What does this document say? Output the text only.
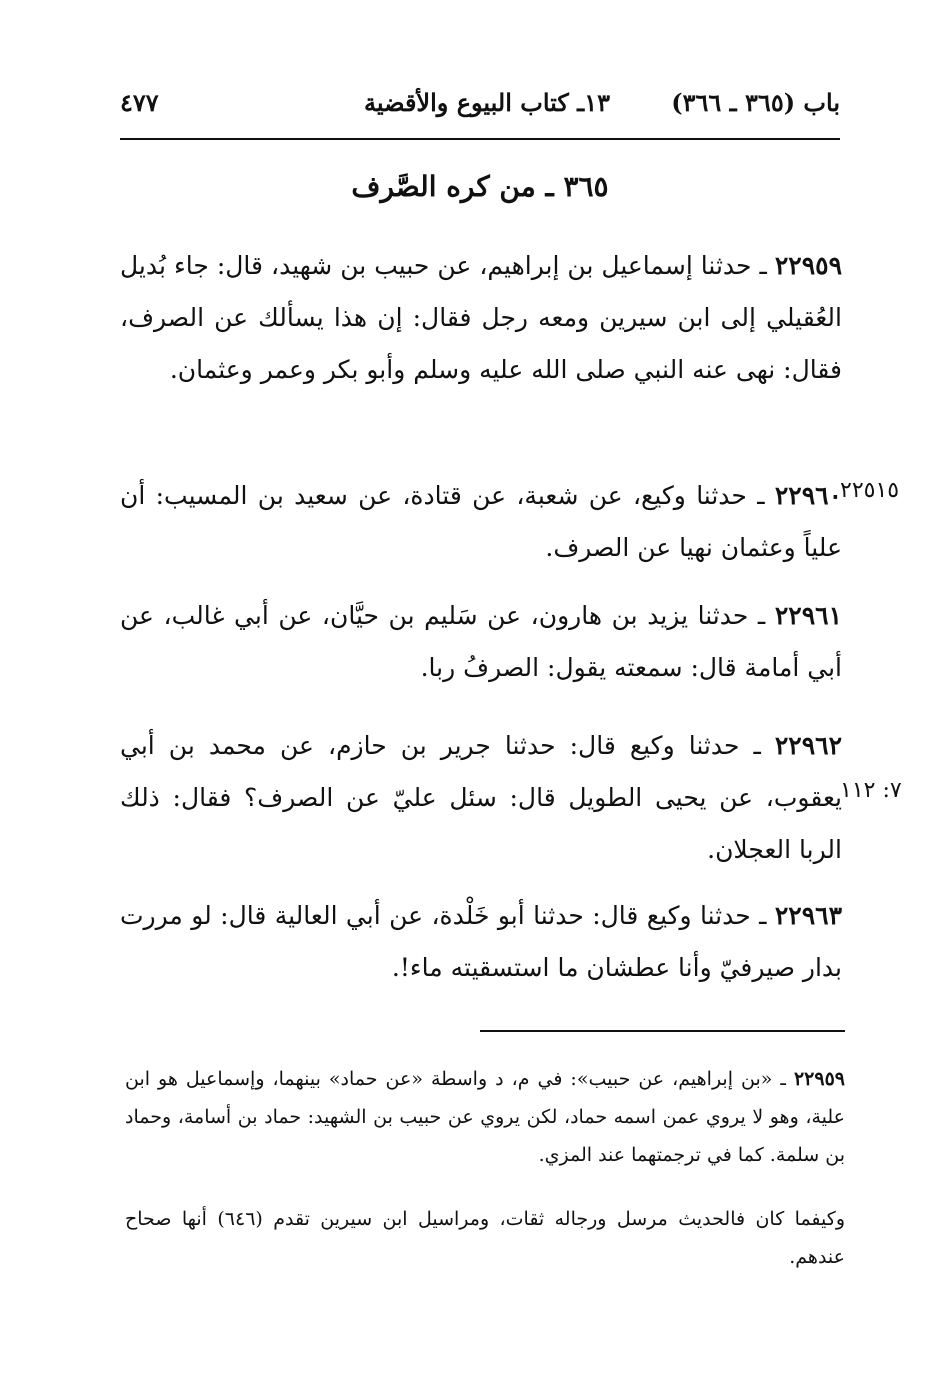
باب (٣٦٥ ـ ٣٦٦)
١٣ـ كتاب البيوع والأقضية
٤٧٧
٣٦٥ ـ من كره الصَّرف
٢٢٩٥٩ ـ حدثنا إسماعيل بن إبراهيم، عن حبيب بن شهيد، قال: جاء بُديل العُقيلي إلى ابن سيرين ومعه رجل فقال: إن هذا يسألك عن الصرف، فقال: نهى عنه النبي صلى الله عليه وسلم وأبو بكر وعمر وعثمان.
٢٢٩٦٠ ـ حدثنا وكيع، عن شعبة، عن قتادة، عن سعيد بن المسيب: أن علياً وعثمان نهيا عن الصرف.
٢٢٥١٥
٢٢٩٦١ ـ حدثنا يزيد بن هارون، عن سَليم بن حيَّان، عن أبي غالب، عن أبي أمامة قال: سمعته يقول: الصرفُ ربا.
٢٢٩٦٢ ـ حدثنا وكيع قال: حدثنا جرير بن حازم، عن محمد بن أبي يعقوب، عن يحيى الطويل قال: سئل عليّ عن الصرف؟ فقال: ذلك الربا العجلان.
٧: ١١٢
٢٢٩٦٣ ـ حدثنا وكيع قال: حدثنا أبو خَلْدة، عن أبي العالية قال: لو مررت بدار صيرفيّ وأنا عطشان ما استسقيته ماء!.
٢٢٩٥٩ ـ «بن إبراهيم، عن حبيب»: في م، د واسطة «عن حماد» بينهما، وإسماعيل هو ابن علية، وهو لا يروي عمن اسمه حماد، لكن يروي عن حبيب بن الشهيد: حماد بن أسامة، وحماد بن سلمة. كما في ترجمتهما عند المزي.
وكيفما كان فالحديث مرسل ورجاله ثقات، ومراسيل ابن سيرين تقدم (٦٤٦) أنها صحاح عندهم.
